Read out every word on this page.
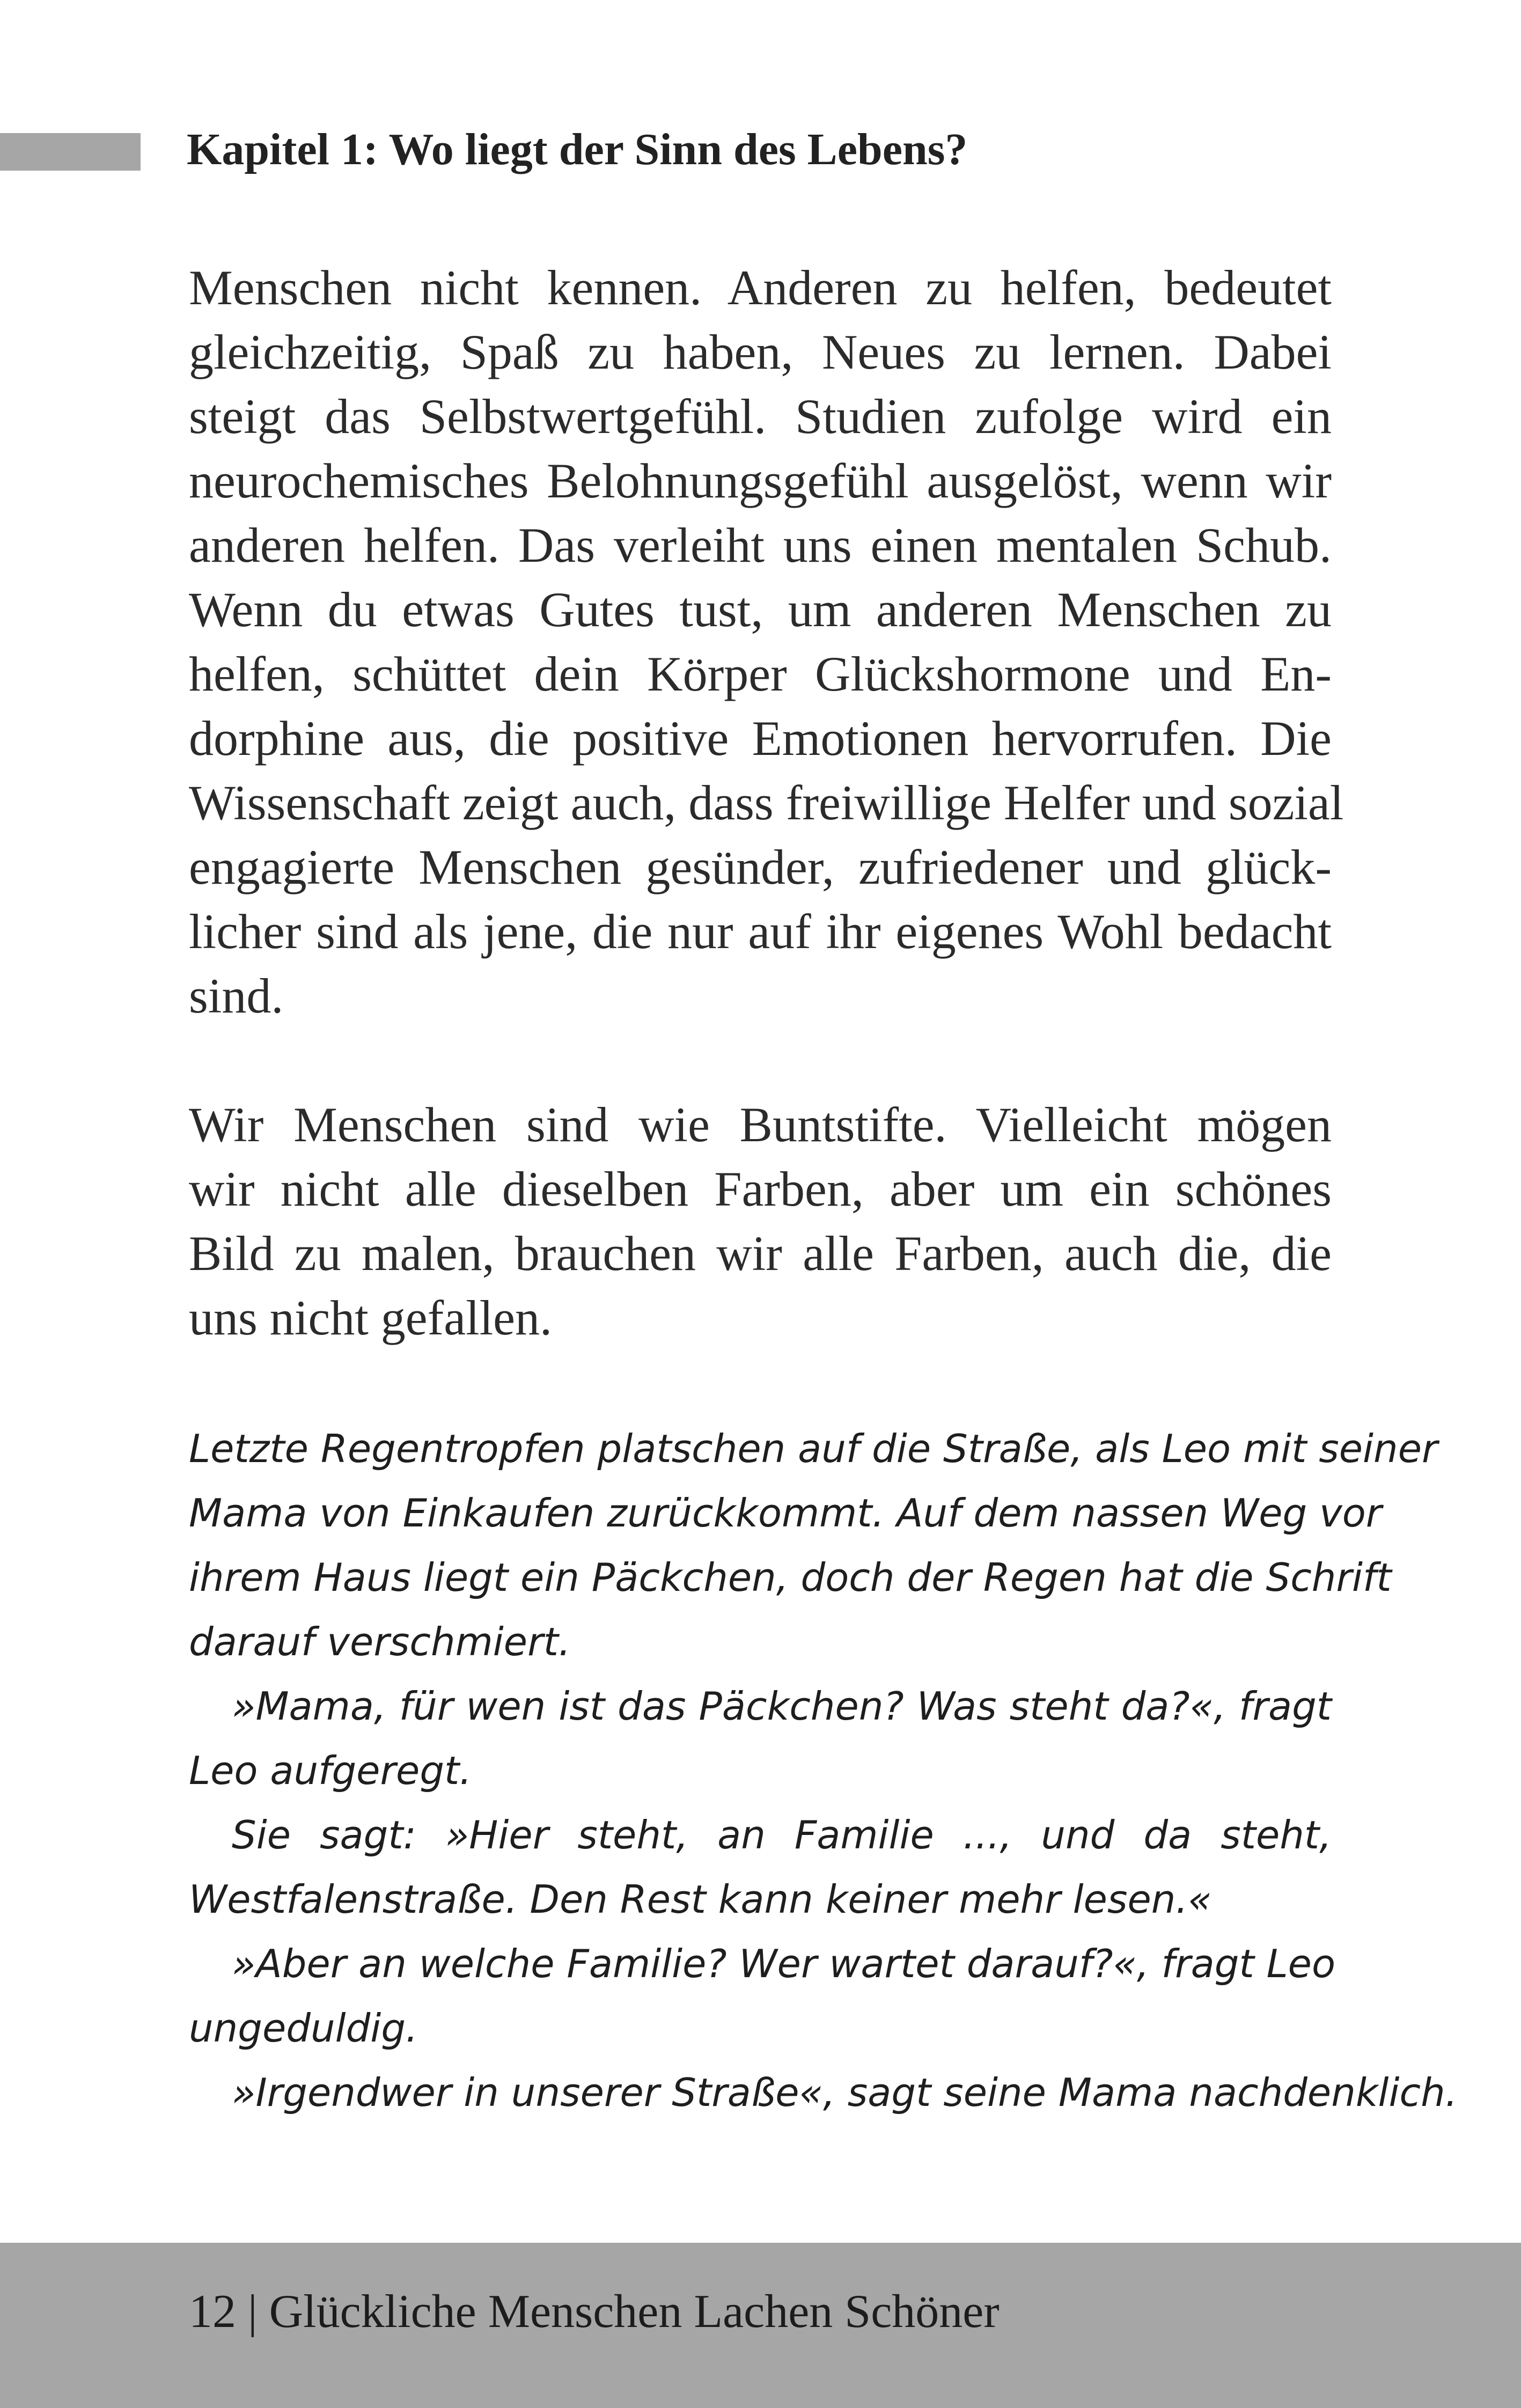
Kapitel 1: Wo liegt der Sinn des Lebens?
Menschen nicht kennen. Anderen zu helfen, bedeutet
gleichzeitig, Spaß zu haben, Neues zu lernen. Dabei
steigt das Selbstwertgefühl. Studien zufolge wird ein
neurochemisches Belohnungsgefühl ausgelöst, wenn wir
anderen helfen. Das verleiht uns einen mentalen Schub.
Wenn du etwas Gutes tust, um anderen Menschen zu
helfen, schüttet dein Körper Glückshormone und En-
dorphine aus, die positive Emotionen hervorrufen. Die
Wissenschaft zeigt auch, dass freiwillige Helfer und sozial
engagierte Menschen gesünder, zufriedener und glück-
licher sind als jene, die nur auf ihr eigenes Wohl bedacht
sind.
Wir Menschen sind wie Buntstifte. Vielleicht mögen
wir nicht alle dieselben Farben, aber um ein schönes
Bild zu malen, brauchen wir alle Farben, auch die, die
uns nicht gefallen.
Letzte Regentropfen platschen auf die Straße, als Leo mit seiner
Mama von Einkaufen zurückkommt. Auf dem nassen Weg vor
ihrem Haus liegt ein Päckchen, doch der Regen hat die Schrift
darauf verschmiert.
»Mama, für wen ist das Päckchen? Was steht da?«, fragt
Leo aufgeregt.
Sie sagt: »Hier steht, an Familie ..., und da steht,
Westfalenstraße. Den Rest kann keiner mehr lesen.«
»Aber an welche Familie? Wer wartet darauf?«, fragt Leo
ungeduldig.
»Irgendwer in unserer Straße«, sagt seine Mama nachdenklich.
12 | Glückliche Menschen Lachen Schöner
